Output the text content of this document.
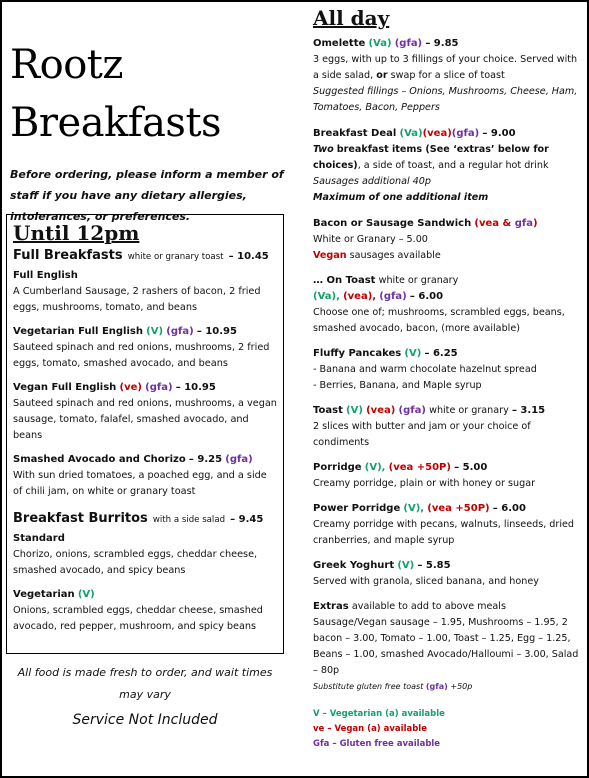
Rootz
Breakfasts
Before ordering, please inform a member of staff if you have any dietary allergies, intolerances, or preferences.
Until 12pm
Full Breakfasts white or granary toast – 10.45
Full English
A Cumberland Sausage, 2 rashers of bacon, 2 fried eggs, mushrooms, tomato, and beans
Vegetarian Full English (V) (gfa) – 10.95
Sauteed spinach and red onions, mushrooms, 2 fried eggs, tomato, smashed avocado, and beans
Vegan Full English (ve) (gfa) – 10.95
Sauteed spinach and red onions, mushrooms, a vegan sausage, tomato, falafel, smashed avocado, and beans
Smashed Avocado and Chorizo – 9.25 (gfa)
With sun dried tomatoes, a poached egg, and a side of chili jam, on white or granary toast
Breakfast Burritos with a side salad – 9.45
Standard
Chorizo, onions, scrambled eggs, cheddar cheese, smashed avocado, and spicy beans
Vegetarian (V)
Onions, scrambled eggs, cheddar cheese, smashed avocado, red pepper, mushroom, and spicy beans
All food is made fresh to order, and wait times may vary
Service Not Included
All day
Omelette (Va) (gfa) – 9.85
3 eggs, with up to 3 fillings of your choice. Served with a side salad, or swap for a slice of toast
Suggested fillings – Onions, Mushrooms, Cheese, Ham, Tomatoes, Bacon, Peppers
Breakfast Deal (Va)(vea)(gfa) – 9.00
Two breakfast items (See ‘extras’ below for choices), a side of toast, and a regular hot drink
Sausages additional 40p
Maximum of one additional item
Bacon or Sausage Sandwich (vea & gfa)
White or Granary – 5.00
Vegan sausages available
… On Toast white or granary
(Va), (vea), (gfa) – 6.00
Choose one of; mushrooms, scrambled eggs, beans, smashed avocado, bacon, (more available)
Fluffy Pancakes (V) – 6.25
- Banana and warm chocolate hazelnut spread
- Berries, Banana, and Maple syrup
Toast (V) (vea) (gfa) white or granary – 3.15
2 slices with butter and jam or your choice of condiments
Porridge (V), (vea +50P) – 5.00
Creamy porridge, plain or with honey or sugar
Power Porridge (V), (vea +50P) – 6.00
Creamy porridge with pecans, walnuts, linseeds, dried cranberries, and maple syrup
Greek Yoghurt (V) – 5.85
Served with granola, sliced banana, and honey
Extras available to add to above meals
Sausage/Vegan sausage – 1.95, Mushrooms – 1.95, 2 bacon – 3.00, Tomato – 1.00, Toast – 1.25, Egg – 1.25, Beans – 1.00, smashed Avocado/Halloumi – 3.00, Salad – 80p
Substitute gluten free toast (gfa) +50p
V – Vegetarian (a) available
ve – Vegan (a) available
Gfa – Gluten free available
